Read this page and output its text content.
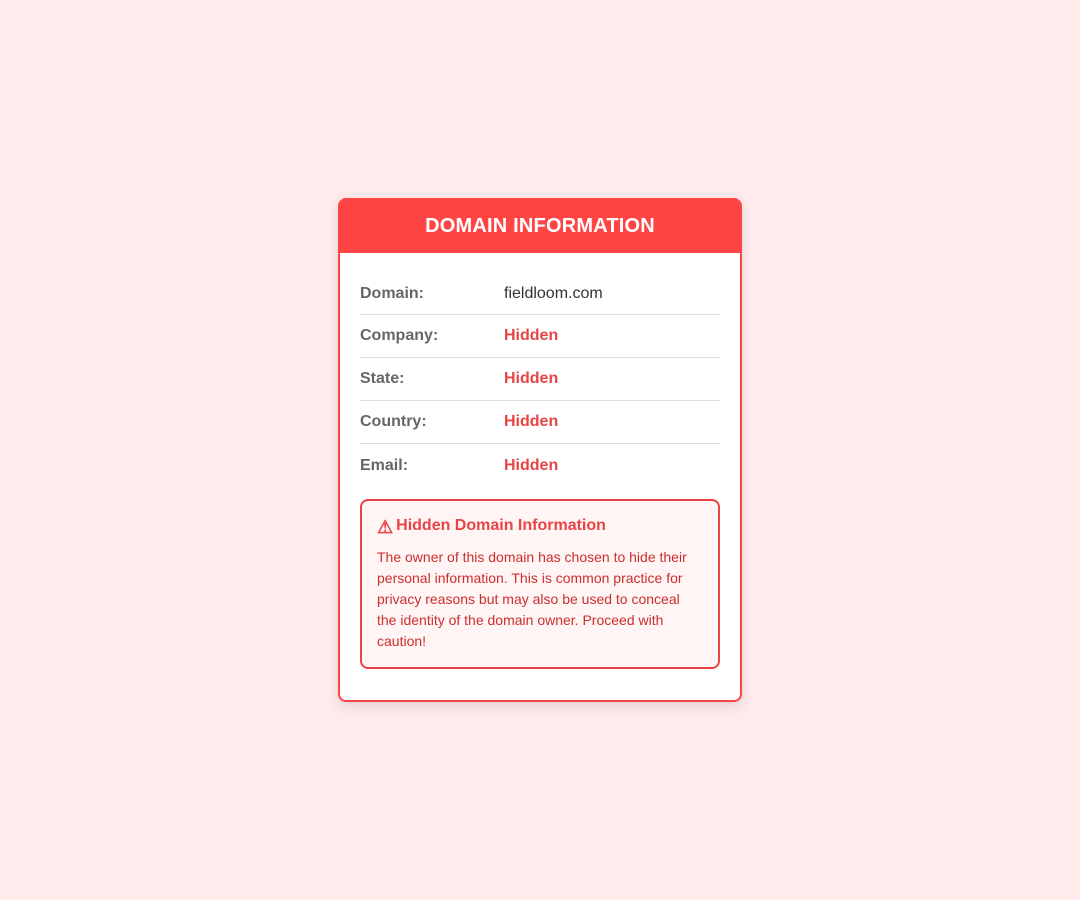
DOMAIN INFORMATION
Domain:	fieldloom.com
Company:	Hidden
State:	Hidden
Country:	Hidden
Email:	Hidden
⚠ Hidden Domain Information
The owner of this domain has chosen to hide their personal information. This is common practice for privacy reasons but may also be used to conceal the identity of the domain owner. Proceed with caution!
